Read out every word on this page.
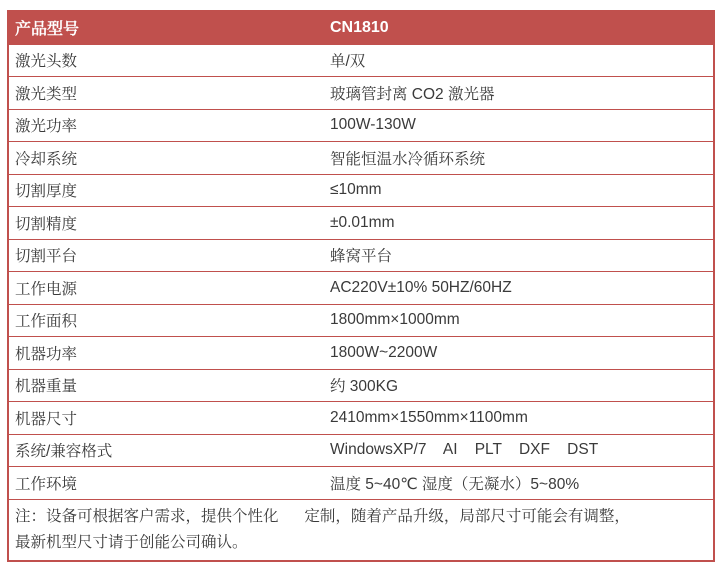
产品型号	CN1810
激光头数	单/双
激光类型	玻璃管封离 CO2 激光器
激光功率	100W-130W
冷却系统	智能恒温水冷循环系统
切割厚度	≤10mm
切割精度	±0.01mm
切割平台	蜂窝平台
工作电源	AC220V±10% 50HZ/60HZ
工作面积	1800mm×1000mm
机器功率	1800W~2200W
机器重量	约 300KG
机器尺寸	2410mm×1550mm×1100mm
系统/兼容格式	WindowsXP/7    AI    PLT    DXF    DST
工作环境	温度 5~40℃ 湿度（无凝水）5~80%
注：设备可根据客户需求，提供个性化      定制，随着产品升级，局部尺寸可能会有调整，
最新机型尺寸请于创能公司确认。
